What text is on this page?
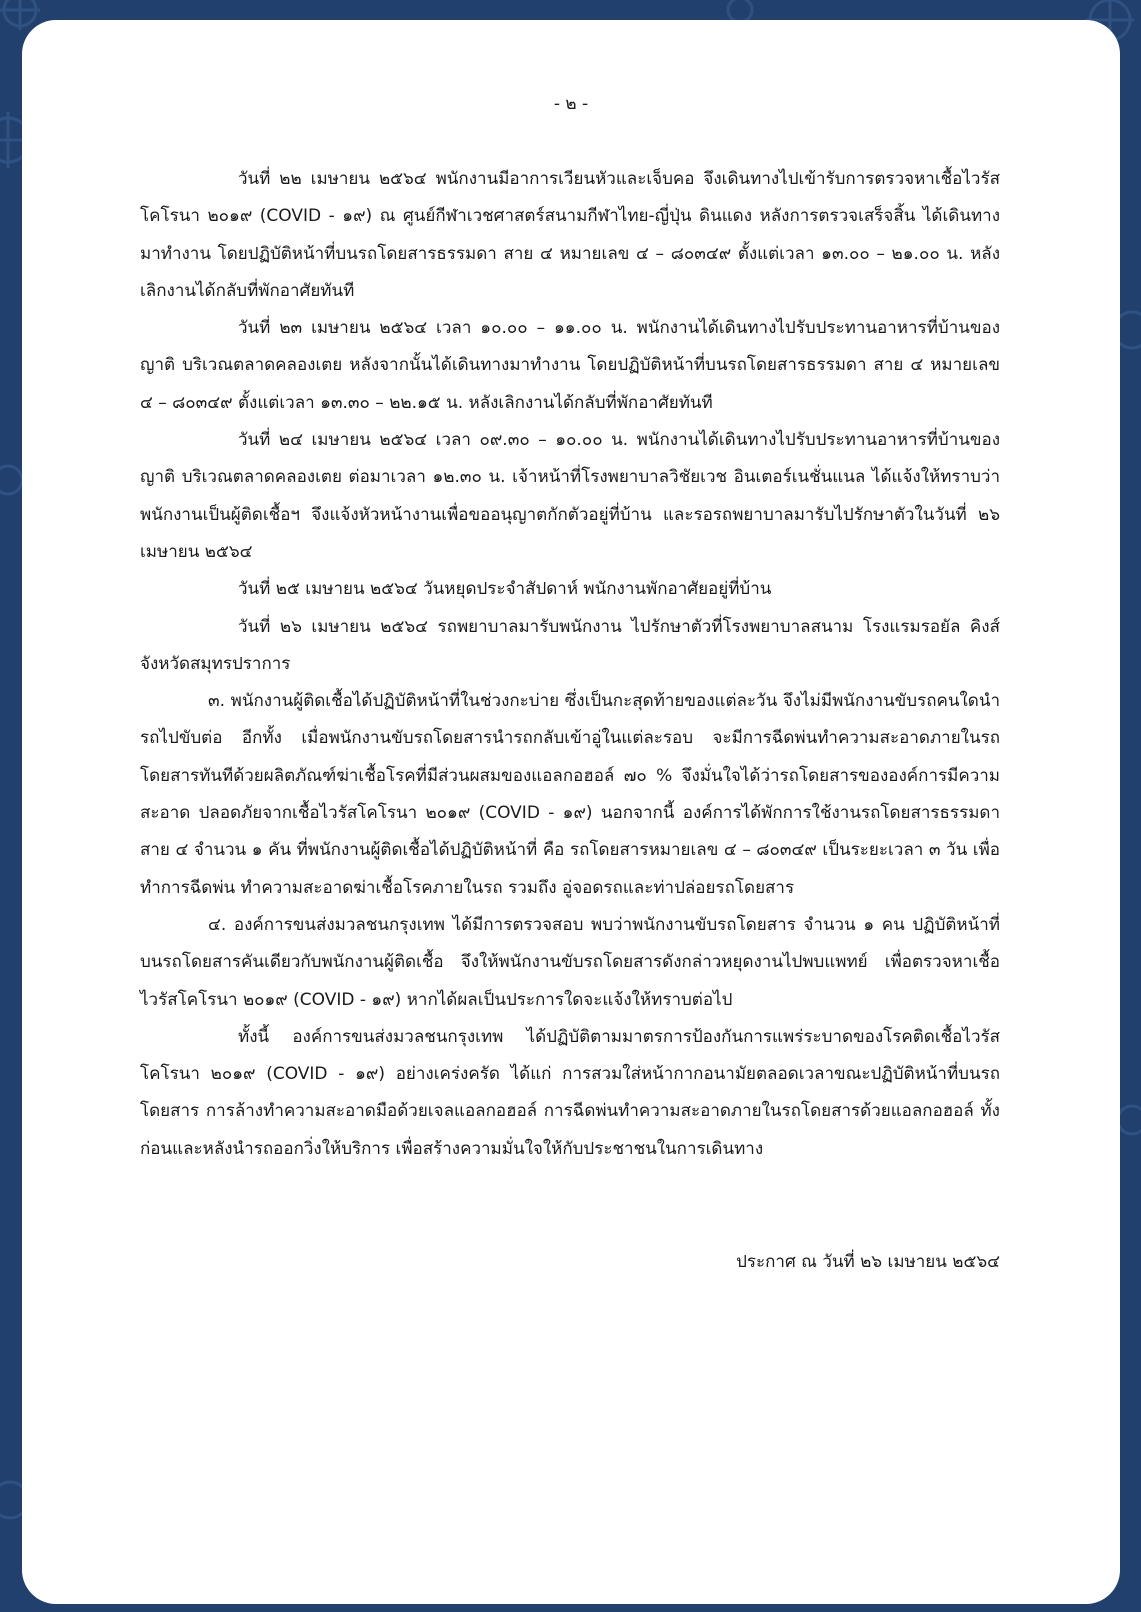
- ๒ -

วันที่ ๒๒ เมษายน ๒๕๖๔ พนักงานมีอาการเวียนหัวและเจ็บคอ จึงเดินทางไปเข้ารับการตรวจหาเชื้อไวรัสโคโรนา ๒๐๑๙ (COVID - ๑๙) ณ ศูนย์กีฬาเวชศาสตร์สนามกีฬาไทย-ญี่ปุ่น ดินแดง หลังการตรวจเสร็จสิ้น ได้เดินทางมาทำงาน โดยปฏิบัติหน้าที่บนรถโดยสารธรรมดา สาย ๔ หมายเลข ๔ – ๘๐๓๔๙ ตั้งแต่เวลา ๑๓.๐๐ – ๒๑.๐๐ น. หลังเลิกงานได้กลับที่พักอาศัยทันที

วันที่ ๒๓ เมษายน ๒๕๖๔ เวลา ๑๐.๐๐ – ๑๑.๐๐ น. พนักงานได้เดินทางไปรับประทานอาหารที่บ้านของญาติ บริเวณตลาดคลองเตย หลังจากนั้นได้เดินทางมาทำงาน โดยปฏิบัติหน้าที่บนรถโดยสารธรรมดา สาย ๔ หมายเลข ๔ – ๘๐๓๔๙ ตั้งแต่เวลา ๑๓.๓๐ – ๒๒.๑๕ น. หลังเลิกงานได้กลับที่พักอาศัยทันที

วันที่ ๒๔ เมษายน ๒๕๖๔ เวลา ๐๙.๓๐ – ๑๐.๐๐ น. พนักงานได้เดินทางไปรับประทานอาหารที่บ้านของญาติ บริเวณตลาดคลองเตย ต่อมาเวลา ๑๒.๓๐ น. เจ้าหน้าที่โรงพยาบาลวิชัยเวช อินเตอร์เนชั่นแนล ได้แจ้งให้ทราบว่าพนักงานเป็นผู้ติดเชื้อฯ จึงแจ้งหัวหน้างานเพื่อขออนุญาตกักตัวอยู่ที่บ้าน และรอรถพยาบาลมารับไปรักษาตัวในวันที่ ๒๖ เมษายน ๒๕๖๔

วันที่ ๒๕ เมษายน ๒๕๖๔ วันหยุดประจำสัปดาห์ พนักงานพักอาศัยอยู่ที่บ้าน

วันที่ ๒๖ เมษายน ๒๕๖๔ รถพยาบาลมารับพนักงาน ไปรักษาตัวที่โรงพยาบาลสนาม โรงแรมรอยัล คิงส์ จังหวัดสมุทรปราการ

๓. พนักงานผู้ติดเชื้อได้ปฏิบัติหน้าที่ในช่วงกะบ่าย ซึ่งเป็นกะสุดท้ายของแต่ละวัน จึงไม่มีพนักงานขับรถคนใดนำรถไปขับต่อ อีกทั้ง เมื่อพนักงานขับรถโดยสารนำรถกลับเข้าอู่ในแต่ละรอบ จะมีการฉีดพ่นทำความสะอาดภายในรถโดยสารทันทีด้วยผลิตภัณฑ์ฆ่าเชื้อโรคที่มีส่วนผสมของแอลกอฮอล์ ๗๐ % จึงมั่นใจได้ว่ารถโดยสารขององค์การมีความสะอาด ปลอดภัยจากเชื้อไวรัสโคโรนา ๒๐๑๙ (COVID - ๑๙) นอกจากนี้ องค์การได้พักการใช้งานรถโดยสารธรรมดา สาย ๔ จำนวน ๑ คัน ที่พนักงานผู้ติดเชื้อได้ปฏิบัติหน้าที่ คือ รถโดยสารหมายเลข ๔ – ๘๐๓๔๙ เป็นระยะเวลา ๓ วัน เพื่อทำการฉีดพ่น ทำความสะอาดฆ่าเชื้อโรคภายในรถ รวมถึง อู่จอดรถและท่าปล่อยรถโดยสาร

๔. องค์การขนส่งมวลชนกรุงเทพ ได้มีการตรวจสอบ พบว่าพนักงานขับรถโดยสาร จำนวน ๑ คน ปฏิบัติหน้าที่บนรถโดยสารคันเดียวกับพนักงานผู้ติดเชื้อ จึงให้พนักงานขับรถโดยสารดังกล่าวหยุดงานไปพบแพทย์ เพื่อตรวจหาเชื้อไวรัสโคโรนา ๒๐๑๙ (COVID - ๑๙) หากได้ผลเป็นประการใดจะแจ้งให้ทราบต่อไป

ทั้งนี้ องค์การขนส่งมวลชนกรุงเทพ ได้ปฏิบัติตามมาตรการป้องกันการแพร่ระบาดของโรคติดเชื้อไวรัสโคโรนา ๒๐๑๙ (COVID - ๑๙) อย่างเคร่งครัด ได้แก่ การสวมใส่หน้ากากอนามัยตลอดเวลาขณะปฏิบัติหน้าที่บนรถโดยสาร การล้างทำความสะอาดมือด้วยเจลแอลกอฮอล์ การฉีดพ่นทำความสะอาดภายในรถโดยสารด้วยแอลกอฮอล์ ทั้งก่อนและหลังนำรถออกวิ่งให้บริการ เพื่อสร้างความมั่นใจให้กับประชาชนในการเดินทาง

ประกาศ ณ วันที่ ๒๖ เมษายน ๒๕๖๔
